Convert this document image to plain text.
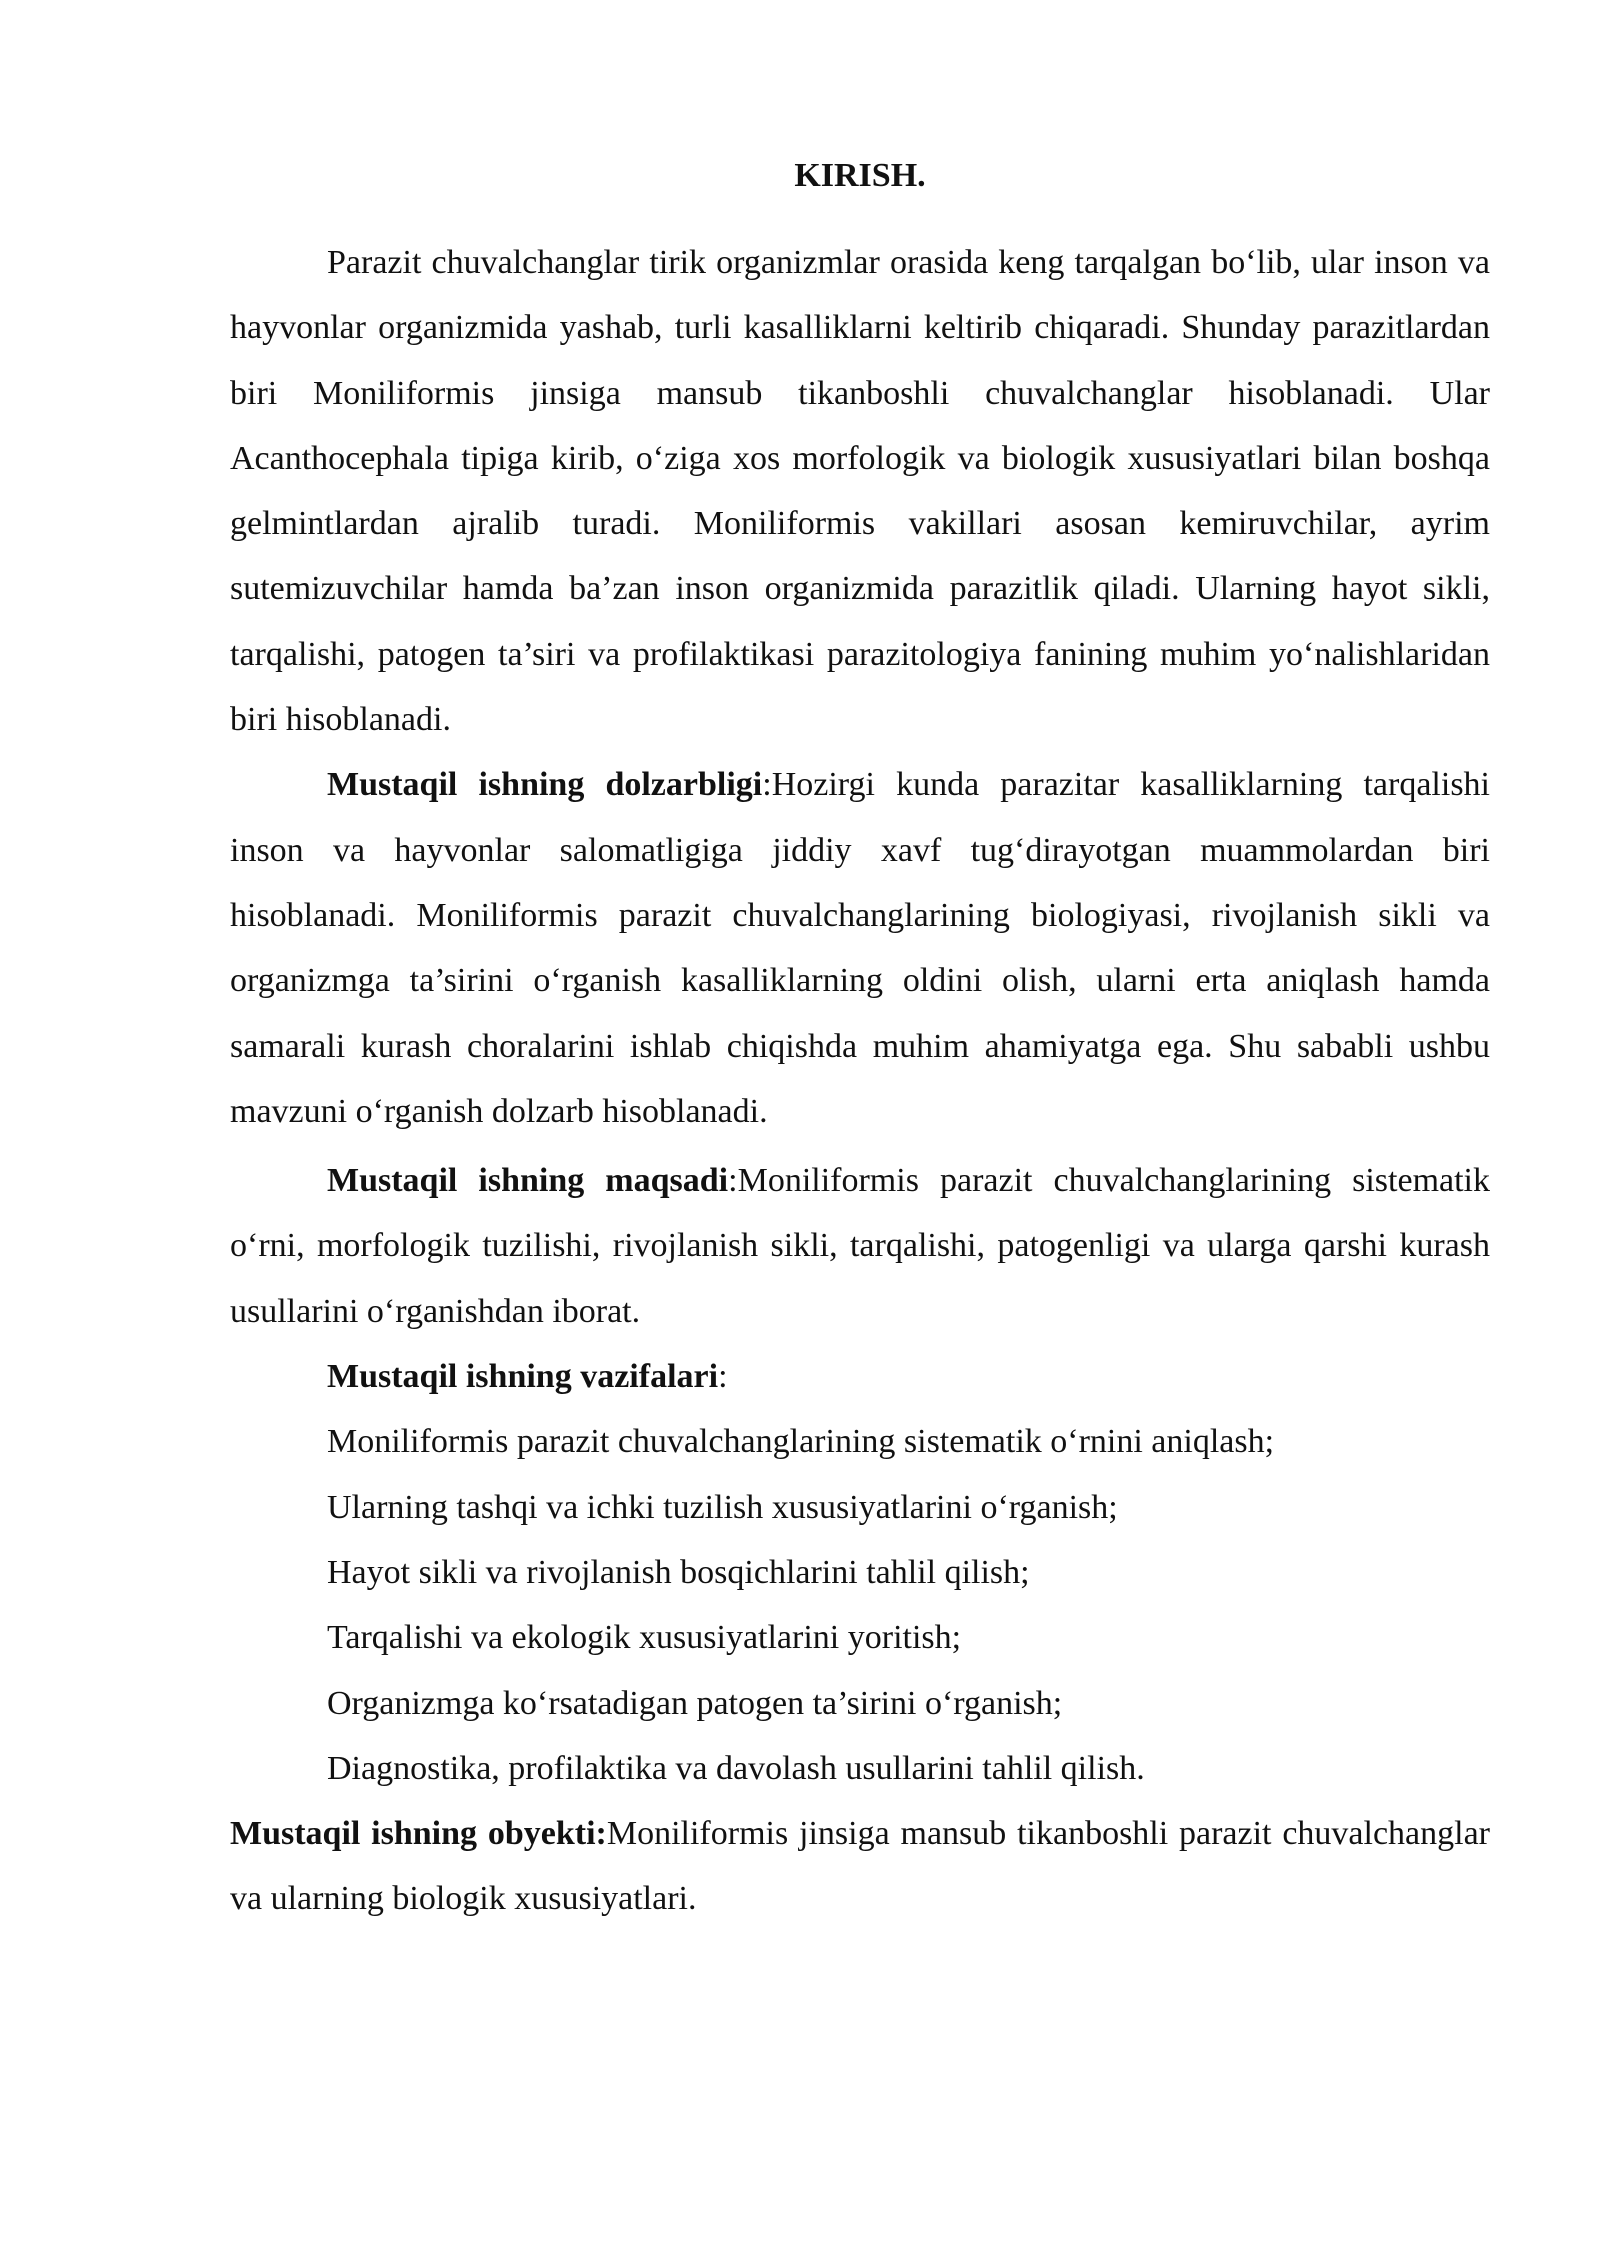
KIRISH.

Parazit chuvalchanglar tirik organizmlar orasida keng tarqalgan bo‘lib, ular inson va hayvonlar organizmida yashab, turli kasalliklarni keltirib chiqaradi. Shunday parazitlardan biri Moniliformis jinsiga mansub tikanboshli chuvalchanglar hisoblanadi. Ular Acanthocephala tipiga kirib, o‘ziga xos morfologik va biologik xususiyatlari bilan boshqa gelmintlardan ajralib turadi. Moniliformis vakillari asosan kemiruvchilar, ayrim sutemizuvchilar hamda ba’zan inson organizmida parazitlik qiladi. Ularning hayot sikli, tarqalishi, patogen ta’siri va profilaktikasi parazitologiya fanining muhim yo‘nalishlaridan biri hisoblanadi.

Mustaqil ishning dolzarbligi:Hozirgi kunda parazitar kasalliklarning tarqalishi inson va hayvonlar salomatligiga jiddiy xavf tug‘dirayotgan muammolardan biri hisoblanadi. Moniliformis parazit chuvalchanglarining biologiyasi, rivojlanish sikli va organizmga ta’sirini o‘rganish kasalliklarning oldini olish, ularni erta aniqlash hamda samarali kurash choralarini ishlab chiqishda muhim ahamiyatga ega. Shu sababli ushbu mavzuni o‘rganish dolzarb hisoblanadi.

Mustaqil ishning maqsadi:Moniliformis parazit chuvalchanglarining sistematik o‘rni, morfologik tuzilishi, rivojlanish sikli, tarqalishi, patogenligi va ularga qarshi kurash usullarini o‘rganishdan iborat.

Mustaqil ishning vazifalari:

Moniliformis parazit chuvalchanglarining sistematik o‘rnini aniqlash;

Ularning tashqi va ichki tuzilish xususiyatlarini o‘rganish;

Hayot sikli va rivojlanish bosqichlarini tahlil qilish;

Tarqalishi va ekologik xususiyatlarini yoritish;

Organizmga ko‘rsatadigan patogen ta’sirini o‘rganish;

Diagnostika, profilaktika va davolash usullarini tahlil qilish.

Mustaqil ishning obyekti:Moniliformis jinsiga mansub tikanboshli parazit chuvalchanglar va ularning biologik xususiyatlari.
